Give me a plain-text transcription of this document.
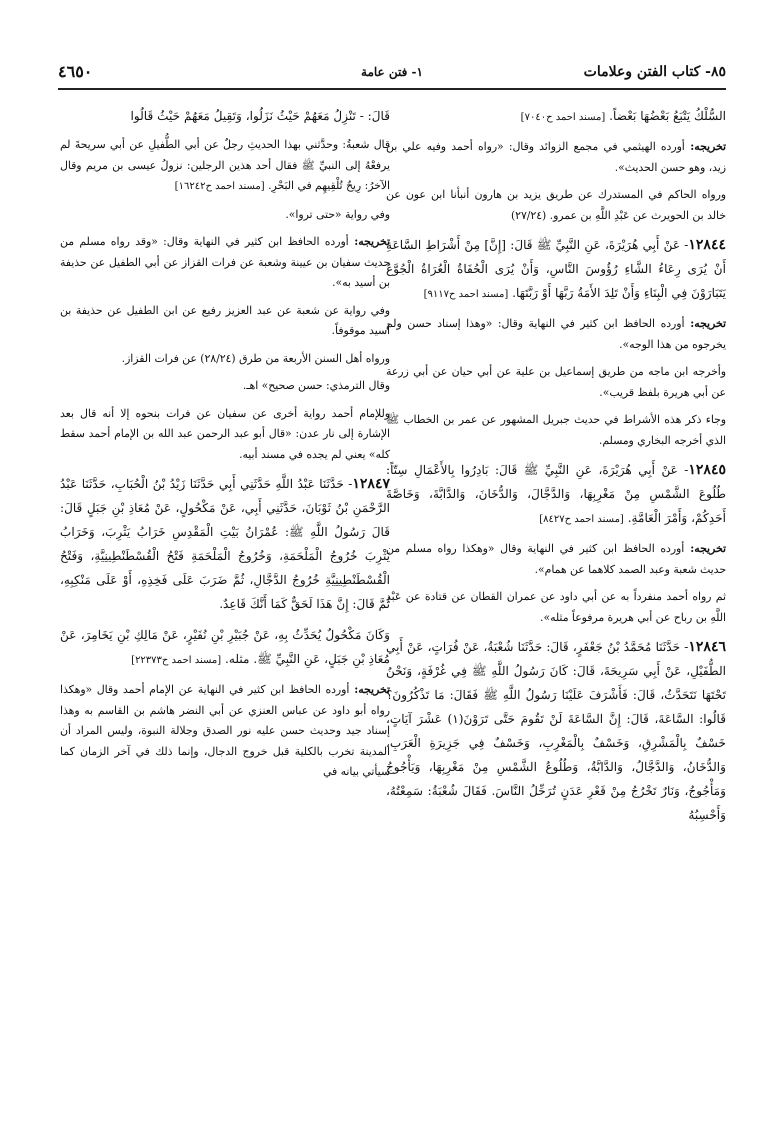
٨٥- كتاب الفتن وعلامات
١- فتن عامة
٤٦٥٠

السُّلْكُ يَتْبَعُ بَعْضُهَا بَعْضاً. [مسند احمد ح٧٠٤٠]

تخريجه: أورده الهيثمي في مجمع الزوائد وقال: «رواه أحمد وفيه علي بن زيد، وهو حسن الحديث».

ورواه الحاكم في المستدرك عن طريق يزيد بن هارون أنبأنا ابن عون عن خالد بن الحويرث عن عَبْدِ اللَّهِ بن عمرو. (٢٧/٢٤)

١٢٨٤٤- عَنْ أَبِي هُرَيْرَةَ، عَنِ النَّبِيِّ ﷺ قَالَ: [إِنَّ] مِنْ أَشْرَاطِ السَّاعَةِ أَنْ يُرَى رِعَاءُ الشَّاءِ رُؤُوسَ النَّاسِ، وَأَنْ يُرَى الْحُفَاةُ الْعُرَاةُ الْجُوَّعُ يَتَبَارَوْنَ فِي الْبِنَاءِ وَأَنْ تَلِدَ الأَمَةُ رَبَّهَا أَوْ رَبَّتَهَا. [مسند احمد ح٩١١٧]

تخريجه: أورده الحافظ ابن كثير في النهاية وقال: «وهذا إسناد حسن ولم يخرجوه من هذا الوجه».

وأخرجه ابن ماجه من طريق إسماعيل بن علية عن أبي حيان عن أبي زرعة عن أبي هريرة بلفظ قريب».

وجاء ذكر هذه الأشراط في حديث جبريل المشهور عن عمر بن الخطاب ﷺ الذي أخرجه البخاري ومسلم.

١٢٨٤٥- عَنْ أَبِي هُرَيْرَةَ، عَنِ النَّبِيِّ ﷺ قَالَ: بَادِرُوا بِالأَعْمَالِ سِتّاً: طُلُوعَ الشَّمْسِ مِنْ مَغْرِبِهَا، وَالدَّجَّالَ، وَالدُّخَانَ، وَالدَّابَّةَ، وَخَاصَّةَ أَحَدِكُمْ، وَأَمْرَ الْعَامَّةِ. [مسند احمد ح٨٤٢٧]

تخريجه: أورده الحافظ ابن كثير في النهاية وقال «وهكذا رواه مسلم من حديث شعبة وعبد الصمد كلاهما عن همام».

ثم رواه أحمد منفرداً به عن أبي داود عن عمران القطان عن قتادة عن عَبْدِ اللَّهِ بن رباح عن أبي هريرة مرفوعاً مثله».

١٢٨٤٦- حَدَّثَنَا مُحَمَّدُ بْنُ جَعْفَرٍ، قَالَ: حَدَّثَنَا شُعْبَةُ، عَنْ فُرَاتٍ، عَنْ أَبِي الطُّفَيْلِ، عَنْ أَبِي سَرِيحَةَ، قَالَ: كَانَ رَسُولُ اللَّهِ ﷺ فِي غُرْفَةٍ، وَنَحْنُ تَحْتَهَا نَتَحَدَّثُ، قَالَ: فَأَشْرَفَ عَلَيْنَا رَسُولُ اللَّهِ ﷺ فَقَالَ: مَا تَذْكُرُونَ؟ قَالُوا: السَّاعَةَ، قَالَ: إِنَّ السَّاعَةَ لَنْ تَقُومَ حَتَّى تَرَوْنَ(١) عَشْرَ آيَاتٍ، خَسْفٌ بِالْمَشْرِقِ، وَخَسْفٌ بِالْمَغْرِبِ، وَخَسْفٌ فِي جَزِيرَةِ الْعَرَبِ، وَالدُّخَانُ، وَالدَّجَّالُ، وَالدَّابَّةُ، وَطُلُوعُ الشَّمْسِ مِنْ مَغْرِبِهَا، وَيَأْجُوجُ وَمَأْجُوجُ، وَنَارٌ تَخْرُجُ مِنْ قَعْرِ عَدَنٍ تُرَحِّلُ النَّاسَ. فَقَالَ شُعْبَةُ: سَمِعْتُهُ، وَأَحْسِبُهُ

قَالَ: - تَنْزِلُ مَعَهُمْ حَيْثُ نَزَلُوا، وَتَقِيلُ مَعَهُمْ حَيْثُ قَالُوا

قال شعبةُ: وحدَّثني بهذا الحديثِ رجلٌ عن أبي الطُّفيلِ عن أبي سريحةَ لم يرفعْهُ إلى النبيِّ ﷺ فقال أحد هذين الرجلين: نزولُ عيسى بن مريم وقال الآخرُ: رِيحٌ تُلْقِيهِم في البَحْرِ. [مسند احمد ح١٦٢٤٢]

وفي رواية «حتى تروا».

تخريجه: أورده الحافظ ابن كثير في النهاية وقال: «وقد رواه مسلم من حديث سفيان بن عيينة وشعبة عن فرات القزاز عن أبي الطفيل عن حذيفة بن أسيد به».

وفي رواية عن شعبة عن عبد العزيز رفيع عن ابن الطفيل عن حذيفة بن أسيد موقوفاً.

ورواه أهل السنن الأربعة من طرق (٢٨/٢٤) عن فرات القزاز.

وقال الترمذي: حسن صحيح» اهـ.

وللإمام أحمد رواية أخرى عن سفيان عن فرات بنحوه إلا أنه قال بعد الإشارة إلى نار عدن: «قال أبو عبد الرحمن عبد الله بن الإمام أحمد سقط كله» يعني لم يجده في مسند أبيه.

١٢٨٤٧- حَدَّثَنَا عَبْدُ اللَّهِ حَدَّثَنِي أَبِي حَدَّثَنَا زَيْدُ بْنُ الْحُبَابِ، حَدَّثَنَا عَبْدُ الرَّحْمَنِ بْنُ ثَوْبَانَ، حَدَّثَنِي أَبِي، عَنْ مَكْحُولٍ، عَنْ مُعَاذِ بْنِ جَبَلٍ قَالَ: قَالَ رَسُولُ اللَّهِ ﷺ: عُمْرَانُ بَيْتِ الْمَقْدِسِ خَرَابُ يَثْرِبَ، وَخَرَابُ يَثْرِبَ خُرُوجُ الْمَلْحَمَةِ، وَخُرُوجُ الْمَلْحَمَةِ فَتْحُ الْقُسْطَنْطِينِيَّةِ، وَفَتْحُ الْقُسْطَنْطِينِيَّةِ خُرُوجُ الدَّجَّالِ، ثُمَّ ضَرَبَ عَلَى فَخِذِهِ، أَوْ عَلَى مَنْكِبِهِ، ثُمَّ قَالَ: إِنَّ هَذَا لَحَقٌّ كَمَا أَنَّكَ قَاعِدٌ.

وَكَانَ مَكْحُولٌ يُحَدِّثُ بِهِ، عَنْ جُبَيْرِ بْنِ نُفَيْرٍ، عَنْ مَالِكِ بْنِ يَخَامِرَ، عَنْ مُعَاذِ بْنِ جَبَلٍ، عَنِ النَّبِيِّ ﷺ. مثله. [مسند احمد ح٢٢٣٧٣]

تخريجه: أورده الحافظ ابن كثير في النهاية عن الإمام أحمد وقال «وهكذا رواه أبو داود عن عباس العنزي عن أبي النضر هاشم بن القاسم به وهذا إسناد جيد وحديث حسن عليه نور الصدق وجلالة النبوة، وليس المراد أن المدينة تخرب بالكلية قبل خروج الدجال، وإنما ذلك في آخر الزمان كما سيأتي بيانه في
